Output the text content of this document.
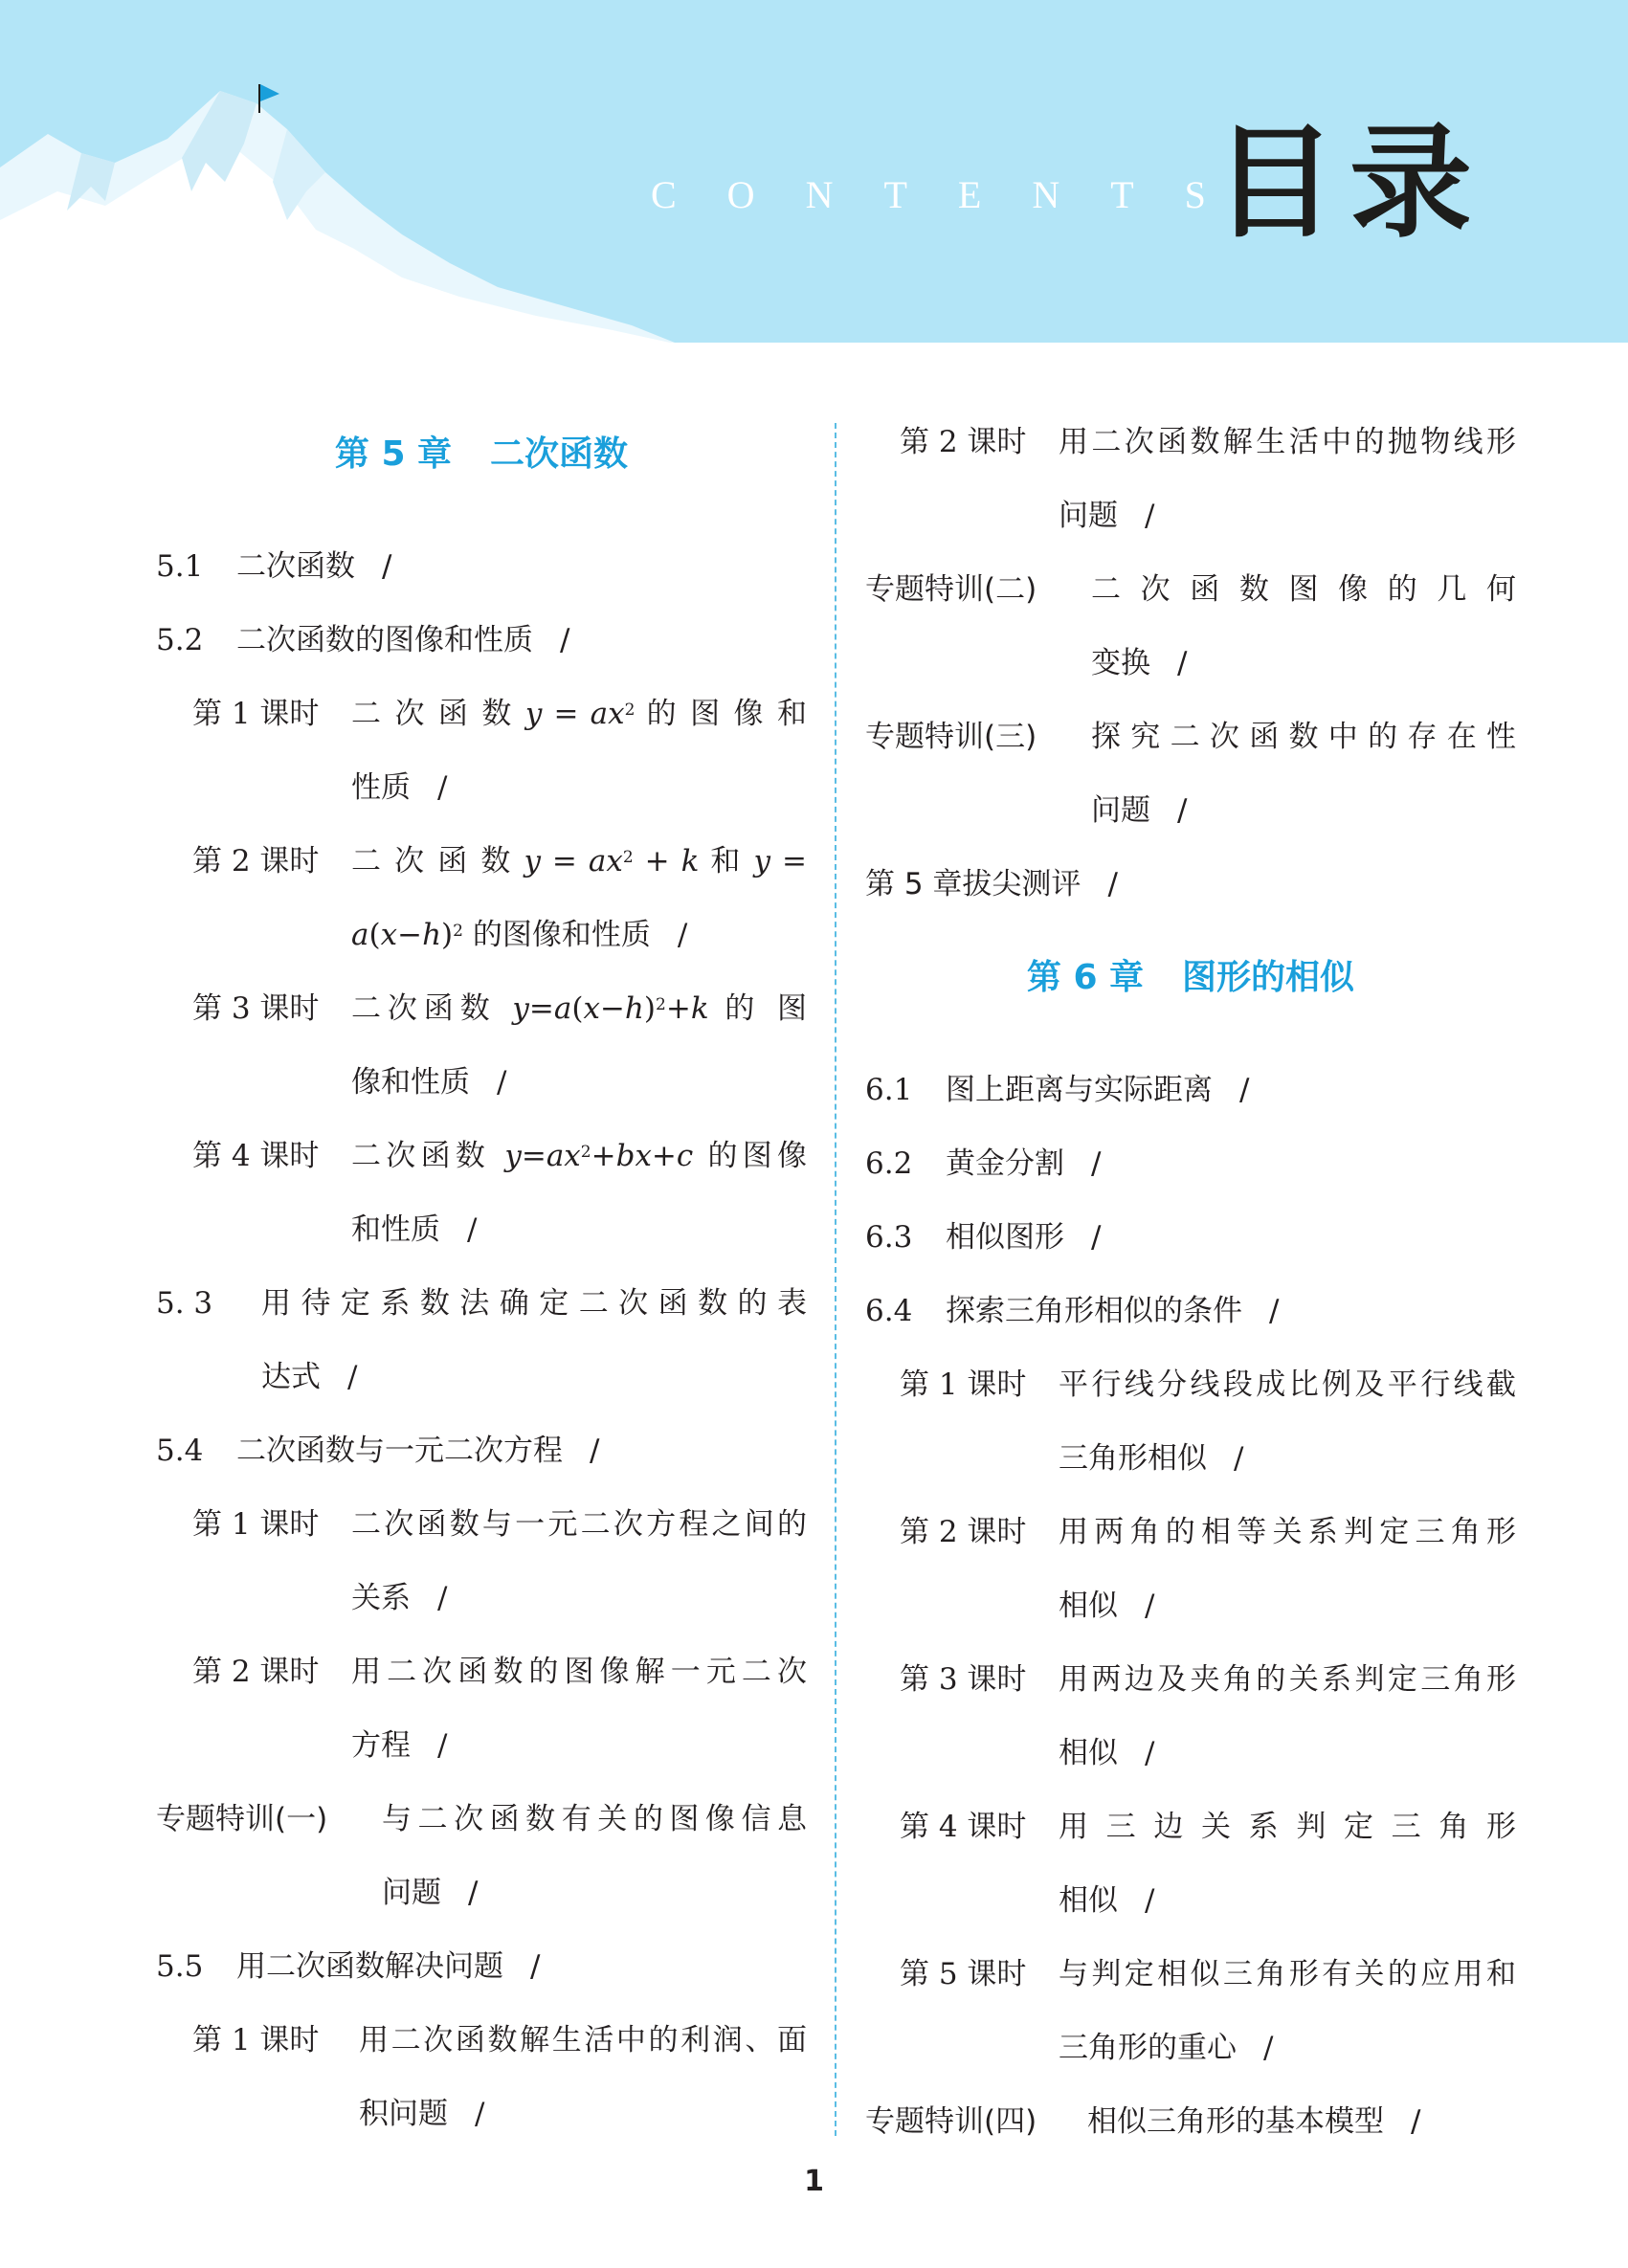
CONTENTS
目录
第 5 章 二次函数
5.1	二次函数 /
5.2	二次函数的图像和性质 /
第 1 课时	二 次 函 数 $y = ax^2$ 的 图 像 和
性质 /
第 2 课时	二 次 函 数 $y = ax^2 + k$ 和 y =
$a(x-h)^2$ 的图像和性质 /
第 3 课时	二次函数 $y=a(x-h)^2+k$ 的 图
像和性质 /
第 4 课时	二次函数 $y=ax^2+bx+c$ 的图像
和性质 /
5. 3	用待定系数法确定二次函数的表
达式 /
5.4	二次函数与一元二次方程 /
第 1 课时	二次函数与一元二次方程之间的
关系 /
第 2 课时	用二次函数的图像解一元二次
方程 /
专题特训(一)	与二次函数有关的图像信息
问题 /
5.5	用二次函数解决问题 /
第 1 课时	用二次函数解生活中的利润、面
积问题 /
第 2 课时	用二次函数解生活中的抛物线形
问题 /
专题特训(二)	二次函数图像的几何
变换 /
专题特训(三)	探究二次函数中的存在性
问题 /
第 5 章拔尖测评 /
第 6 章 图形的相似
6.1	图上距离与实际距离 /
6.2	黄金分割 /
6.3	相似图形 /
6.4	探索三角形相似的条件 /
第 1 课时	平行线分线段成比例及平行线截
三角形相似 /
第 2 课时	用两角的相等关系判定三角形
相似 /
第 3 课时	用两边及夹角的关系判定三角形
相似 /
第 4 课时	用三边关系判定三角形
相似 /
第 5 课时	与判定相似三角形有关的应用和
三角形的重心 /
专题特训(四)	相似三角形的基本模型 /
1
